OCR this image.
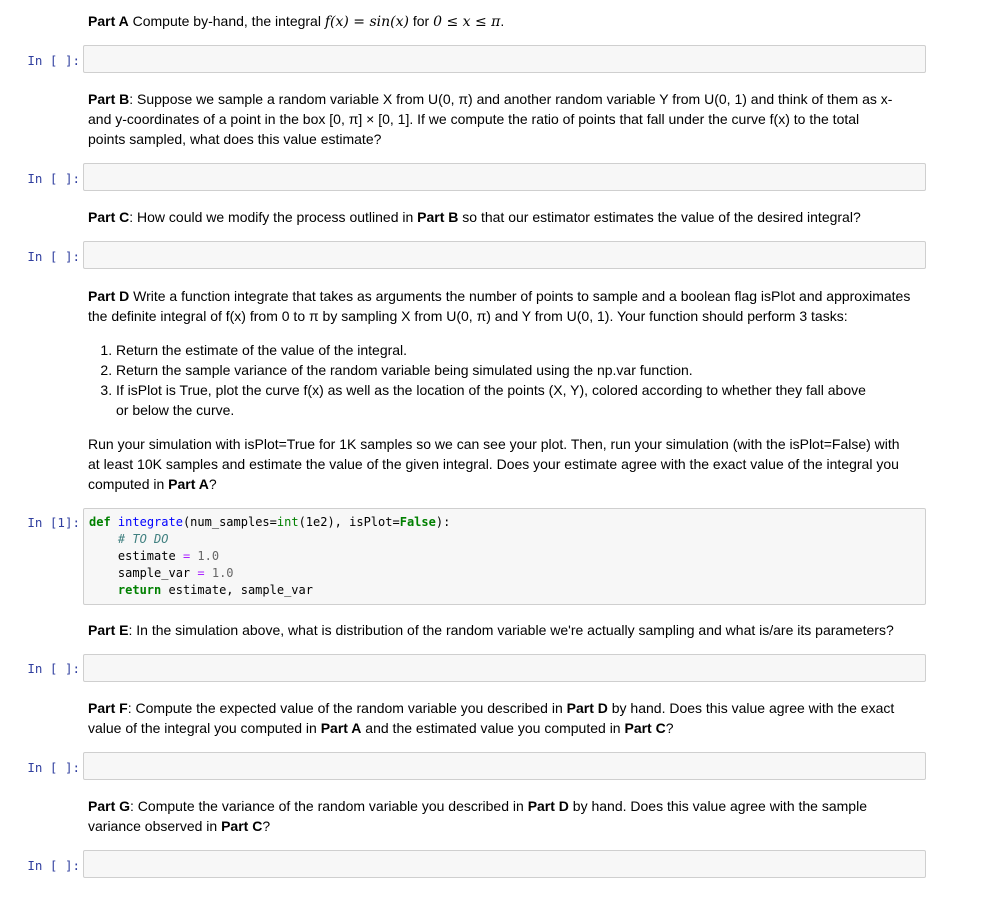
Part A Compute by-hand, the integral f(x) = sin(x) for 0 ≤ x ≤ π.
In [ ]:
Part B: Suppose we sample a random variable X from U(0, π) and another random variable Y from U(0, 1) and think of them as x-
and y-coordinates of a point in the box [0, π] × [0, 1]. If we compute the ratio of points that fall under the curve f(x) to the total
points sampled, what does this value estimate?
In [ ]:
Part C: How could we modify the process outlined in Part B so that our estimator estimates the value of the desired integral?
In [ ]:
Part D Write a function integrate that takes as arguments the number of points to sample and a boolean flag isPlot and approximates
the definite integral of f(x) from 0 to π by sampling X from U(0, π) and Y from U(0, 1). Your function should perform 3 tasks:
1. Return the estimate of the value of the integral.
2. Return the sample variance of the random variable being simulated using the np.var function.
3. If isPlot is True, plot the curve f(x) as well as the location of the points (X, Y), colored according to whether they fall above
or below the curve.
Run your simulation with isPlot=True for 1K samples so we can see your plot. Then, run your simulation (with the isPlot=False) with
at least 10K samples and estimate the value of the given integral. Does your estimate agree with the exact value of the integral you
computed in Part A?
In [1]: def integrate(num_samples=int(1e2), isPlot=False):
# TO DO
estimate = 1.0
sample_var = 1.0
return estimate, sample_var
Part E: In the simulation above, what is distribution of the random variable we're actually sampling and what is/are its parameters?
In [ ]:
Part F: Compute the expected value of the random variable you described in Part D by hand. Does this value agree with the exact
value of the integral you computed in Part A and the estimated value you computed in Part C?
In [ ]:
Part G: Compute the variance of the random variable you described in Part D by hand. Does this value agree with the sample
variance observed in Part C?
In [ ]:
